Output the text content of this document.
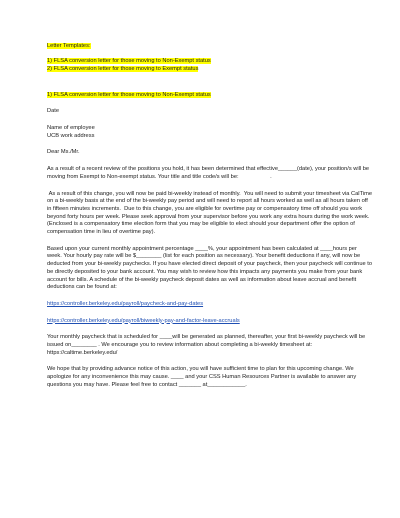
Letter Templates:

1) FLSA conversion letter for those moving to Non-Exempt status

2) FLSA conversion letter for those moving to Exempt status

1) FLSA conversion letter for those moving to Non-Exempt status

Date

Name of employee

UCB work address

Dear Ms./Mr.

As a result of a recent review of the positions you hold, it has been determined that effective______(date), your position/s will be moving from Exempt to Non-exempt status. Your title and title code/s will be:                    .

As a result of this change, you will now be paid bi-weekly instead of monthly.  You will need to submit your timesheet via CalTime on a bi-weekly basis at the end of the bi-weekly pay period and will need to report all hours worked as well as all hours taken off in fifteen minutes increments.  Due to this change, you are eligible for overtime pay or compensatory time off should you work beyond forty hours per week. Please seek approval from your supervisor before you work any extra hours during the work week. (Enclosed is a compensatory time election form that you may be eligible to elect should your department offer the option of compensation time in lieu of overtime pay).

Based upon your current monthly appointment percentage ____%, your appointment has been calculated at ____hours per week. Your hourly pay rate will be $________ (list for each position as necessary). Your benefit deductions if any, will now be deducted from your bi-weekly paychecks. If you have elected direct deposit of your paycheck, then your paycheck will continue to be directly deposited to your bank account. You may wish to review how this impacts any payments you make from your bank account for bills. A schedule of the bi-weekly paycheck deposit dates as well as information about leave accrual and benefit deductions can be found at:

https://controller.berkeley.edu/payroll/paycheck-and-pay-dates

https://controller.berkeley.edu/payroll/biweekly-pay-and-factor-leave-accruals

Your monthly paycheck that is scheduled for ____will be generated as planned, thereafter, your first bi-weekly paycheck will be issued on________ . We encourage you to review information about completing a bi-weekly timesheet at: https://caltime.berkeley.edu/

We hope that by providing advance notice of this action, you will have sufficient time to plan for this upcoming change. We apologize for any inconvenience this may cause. ____ and your CSS Human Resources Partner is available to answer any questions you may have. Please feel free to contact _______ at____________.
